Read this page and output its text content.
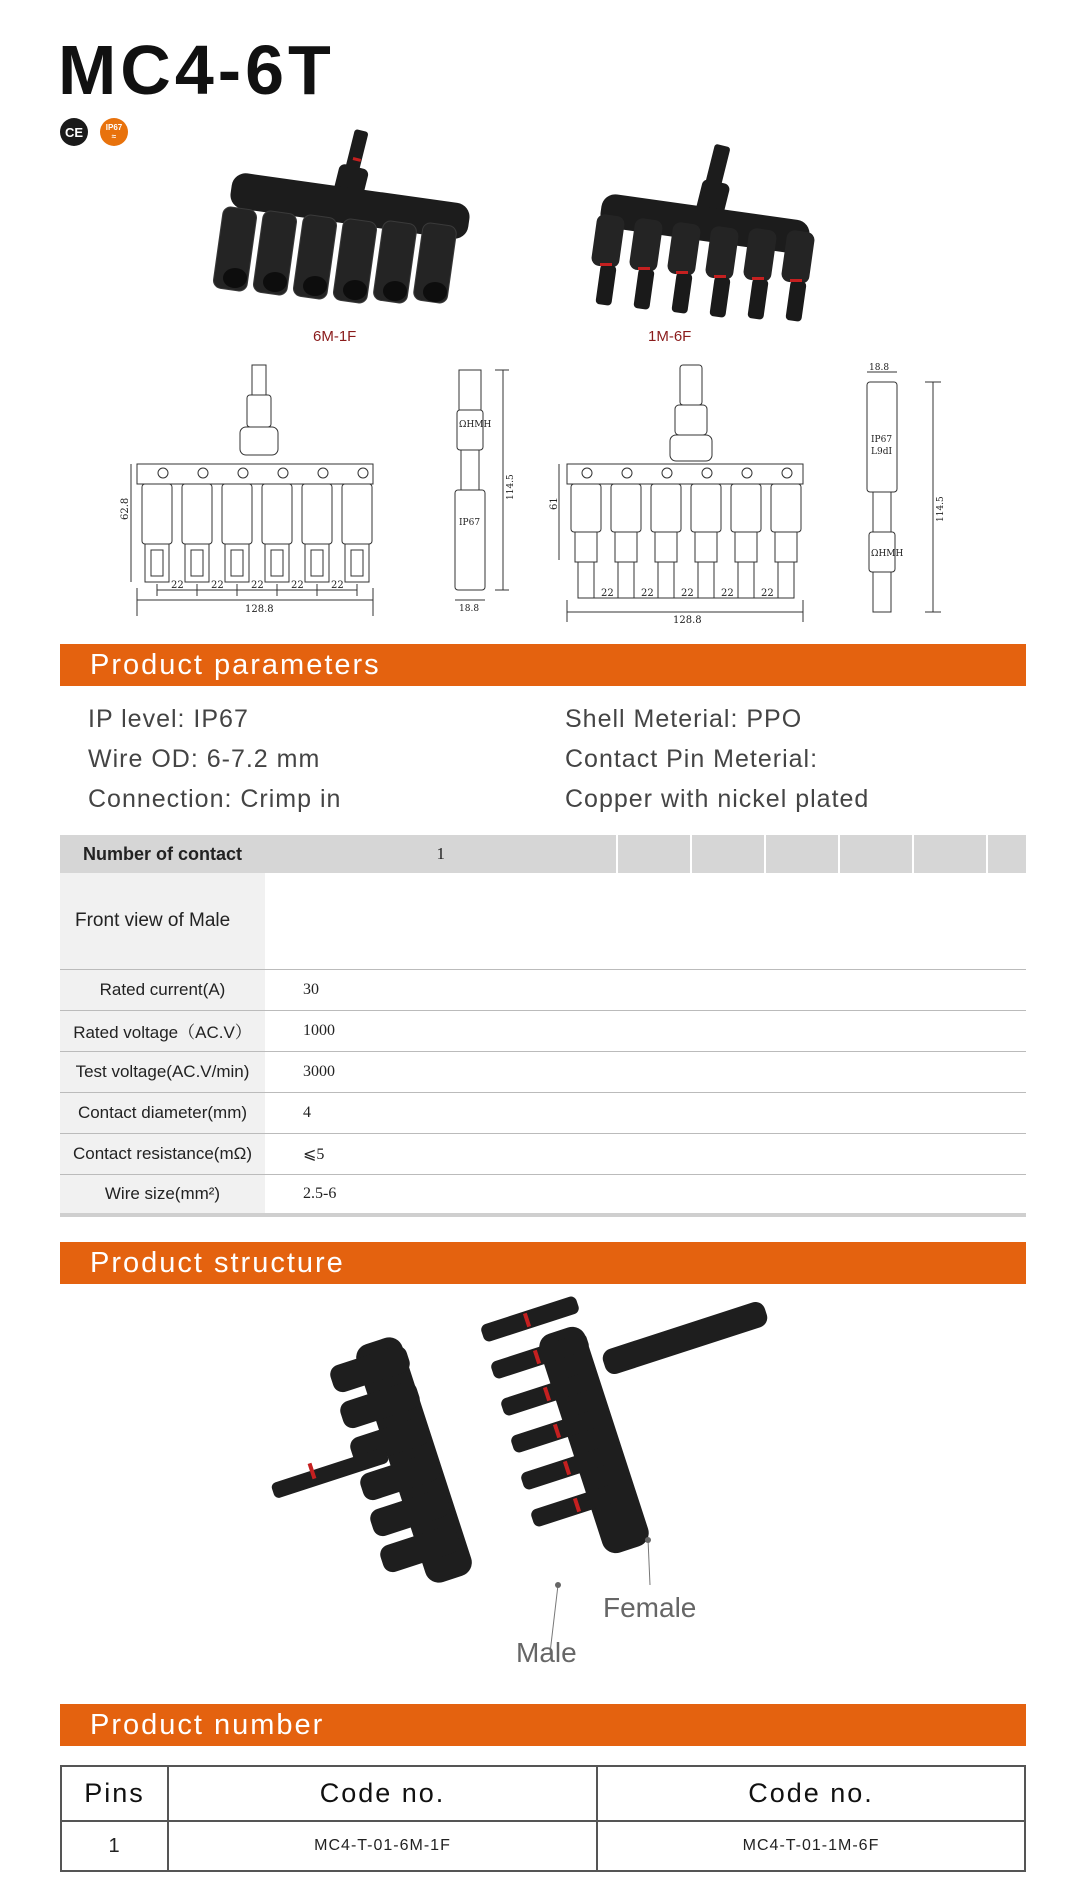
MC4-6T
CE	IP67
≈
6M-1F	1M-6F
62.8
22	22	22	22	22
128.8
ΩHMH
IP67
18.8
114.5
61
22	22	22	22	22
128.8
18.8
IP67
L9dI
ΩHMH
114.5
Product parameters
IP level: IP67
Wire OD: 6-7.2 mm
Connection: Crimp in
Shell Meterial: PPO
Contact Pin Meterial:
Copper with nickel plated
Number of contact	1						
Front view of Male							
Rated current(A)	30						
Rated voltage（AC.V）	1000						
Test voltage(AC.V/min)	3000						
Contact diameter(mm)	4						
Contact resistance(mΩ)	⩽5						
Wire size(mm²)	2.5-6						
Product structure
Female
Male
Product number
Pins	Code no.	Code no.
1	MC4-T-01-6M-1F	MC4-T-01-1M-6F
